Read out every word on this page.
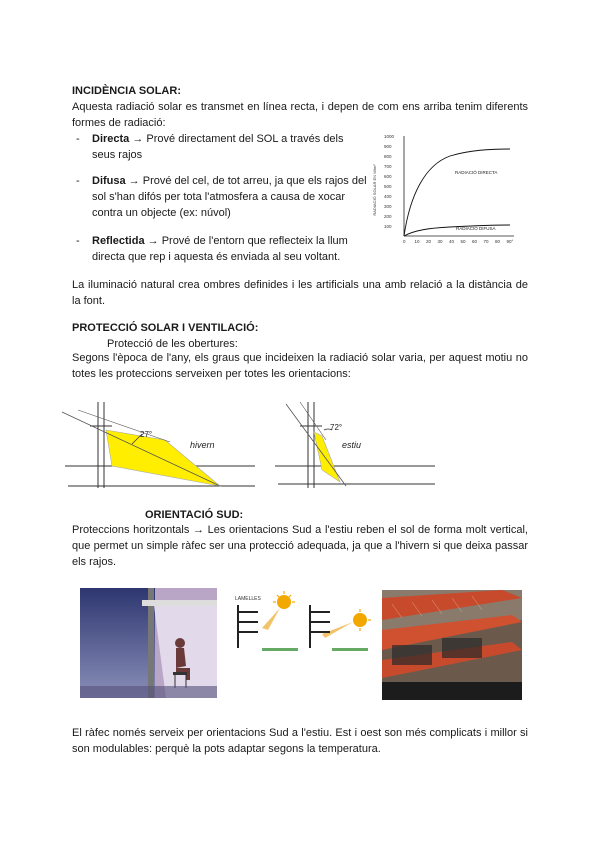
INCIDÈNCIA SOLAR:
Aquesta radiació solar es transmet en línea recta, i depen de com ens arriba tenim diferents formes de radiació:
- Directa → Prové directament del SOL a través dels seus rajos
- Difusa → Prové del cel, de tot arreu, ja que els rajos del sol s'han difós per tota l'atmosfera a causa de xocar contra un objecte (ex: núvol)
- Reflectida → Prové de l'entorn que reflecteix la llum directa que rep i aquesta és enviada al seu voltant.
RADIACIÓ SOLAR EN W/m²
1000
900
800
700
600
500
400
300
200
100
0 10 20 30 40 50 60 70 80 90°
RADIACIÓ DIRECTA
RADIACIÓ DIFUSA
La iluminació natural crea ombres definides i les artificials una amb relació a la distància de la font.
PROTECCIÓ SOLAR I VENTILACIÓ:
Protecció de les obertures:
Segons l'època de l'any, els graus que incideixen la radiació solar varia, per aquest motiu no totes les proteccions serveixen per totes les orientacions:
27°
hivern
72°
estiu
ORIENTACIÓ SUD:
Proteccions horitzontals → Les orientacions Sud a l'estiu reben el sol de forma molt vertical, que permet un simple ràfec ser una protecció adequada, ja que a l'hivern si que deixa passar els rajos.
LAMELLES
El ràfec només serveix per orientacions Sud a l'estiu. Est i oest son més complicats i millor si son modulables: perquè la pots adaptar segons la temperatura.
